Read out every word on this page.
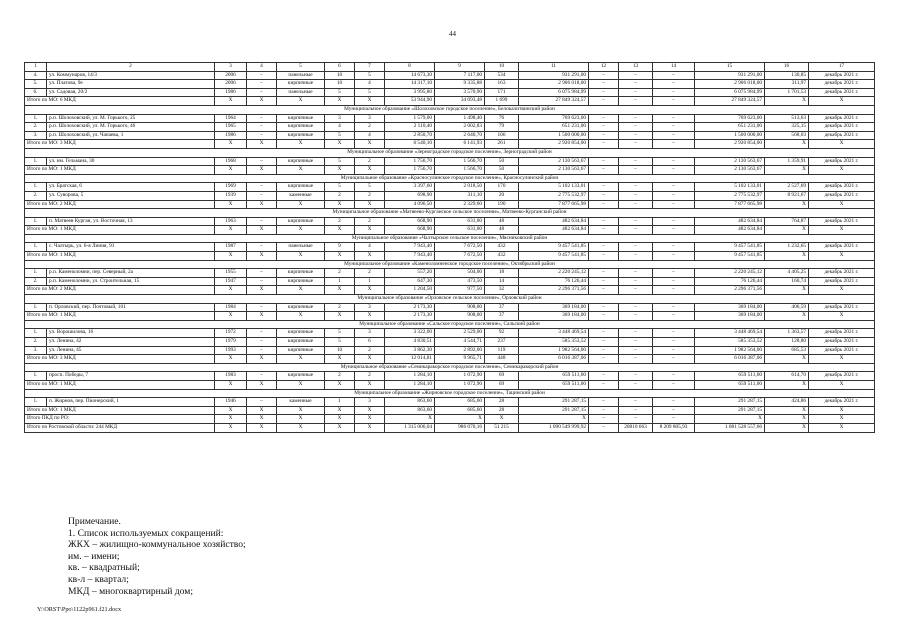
44
1	2	3	4	5	6	7	8	9	10	11	12	13	14	15	16	17
4.	ул. Коммунаров, 14/3	2006	–	панельные	10	5	14 673,30	7 117,00	534	931 291,00	–	–	–	931 291,00	130,85	декабрь 2021 г.
5.	ул. Платова, 9е	2006	–	кирпичные	10	4	14 317,10	9 335,88	163	2 906 018,00	–	–	–	2 906 018,00	311,97	декабрь 2021 г.
6.	ул. Садовая, 20/2	1986	–	панельные	5	5	3 995,80	3 570,90	171	6 075 984,99	–	–	–	6 075 984,99	1 701,53	декабрь 2021 г.
Итого по МО: 6 МКД		X	X	X	X	X	53 944,90	34 093,48	1 699	27 849 324,57	–	–	–	27 849 324,57	X	X
Муниципальное образование «Шолоховское городское поселение», Белокалитвинский район																
1.	р.п. Шолоховский, ул. М. Горького, 25	1964	–	кирпичные	3	3	1 579,00	1 498,40	76	769 623,00	–	–	–	769 623,00	513,63	декабрь 2021 г.
2.	р.п. Шолоховский, ул. М. Горького, 46	1965	–	кирпичные	4	2	2 110,40	2 002,83	79	651 231,00	–	–	–	651 231,00	325,15	декабрь 2021 г.
3.	р.п. Шолоховский, ул. Чапаева, 1	1986	–	кирпичные	5	4	2 850,70	2 640,70	106	1 500 000,00	–	–	–	1 500 000,00	568,03	декабрь 2021 г.
Итого по МО: 3 МКД		X	X	X	X	X	6 540,10	6 141,93	261	2 920 854,00	–	–	–	2 920 854,00	X	X
Муниципальное образование «Зерноградское городское поселение», Зерноградский район																
1.	ул. им. Гельмана, 30	1968	–	кирпичные	5	2	1 756,70	1 566,70	50	2 130 563,67	–	–	–	2 130 563,67	1 359,91	декабрь 2021 г.
Итого по МО: 1 МКД		X	X	X	X	X	1 756,70	1 566,70	50	2 130 563,67	–	–	–	2 130 563,67	X	X
Муниципальное образование «Красносулинское городское поселение», Красносулинский район																
1.	ул. Братская, 6	1969	–	кирпичные	5	5	3 397,60	2 018,50	170	5 102 133,01	–	–	–	5 102 133,01	2 527,69	декабрь 2021 г.
2.	ул. Суворова, 5	1939	–	каменные	2	2	698,90	311,10	20	2 775 532,97	–	–	–	2 775 532,97	8 921,67	декабрь 2021 г.
Итого по МО: 2 МКД		X	X	X	X	X	4 096,50	2 329,60	190	7 877 665,98	–	–	–	7 877 665,98	X	X
Муниципальное образование «Матвеево-Курганское сельское поселение», Матвеево-Курганский район																
1.	п. Матвеев Курган, ул. Восточная, 13	1963	–	кирпичные	2	2	668,90	631,00	48	482 634,84	–	–	–	482 634,84	764,87	декабрь 2021 г.
Итого по МО: 1 МКД		X	X	X	X	X	668,90	631,00	48	482 634,84	–	–	–	482 634,84	X	X
Муниципальное образование «Чалтырское сельское поселение», Мясниковский район																
1.	с. Чалтырь, ул. 6-я Линия, 91	1987	–	панельные	9	4	7 943,40	7 672,50	432	9 457 541,85	–	–	–	9 457 541,85	1 232,65	декабрь 2021 г.
Итого по МО: 1 МКД		X	X	X	X	X	7 943,40	7 672,50	432	9 457 541,85	–	–	–	9 457 541,85	X	X
Муниципальное образование «Каменоломненское городское поселение», Октябрьский район																
1.	р.п. Каменоломни, пер. Северный, 2а	1955	–	кирпичные	2	2	557,20	504,00	18	2 220 245,12	–	–	–	2 220 245,12	4 405,25	декабрь 2021 г.
2.	р.п. Каменоломни, ул. Строительная, 15	1947	–	кирпичные	1	1	647,30	473,50	14	76 126,44	–	–	–	76 126,44	160,74	декабрь 2021 г.
Итого по МО: 2 МКД		X	X	X	X	X	1 204,50	977,50	32	2 296 371,56	–	–	–	2 296 371,56	X	X
Муниципальное образование «Орловское сельское поселение», Орловский район																
1.	п. Орловский, пер. Почтовый, 101	1984	–	кирпичные	2	3	2 173,30	908,00	37	369 184,00	–	–	–	369 184,00	406,59	декабрь 2021 г.
Итого по МО: 1 МКД		X	X	X	X	X	2 173,30	908,00	37	369 184,00	–	–	–	369 184,00	X	X
Муниципальное образование «Сальское городское поселение», Сальский район																
1.	ул. Ворошилова, 16	1972	–	кирпичные	5	3	3 322,00	2 529,00	92	3 448 469,54	–	–	–	3 448 469,54	1 363,57	декабрь 2021 г.
2.	ул. Ленина, 42	1979	–	кирпичные	5	6	4 830,51	4 544,71	237	585 353,52	–	–	–	585 353,52	128,80	декабрь 2021 г.
3.	ул. Ленина, 45	1993	–	кирпичные	10	2	3 862,30	2 892,00	119	1 982 564,00	–	–	–	1 982 564,00	685,53	декабрь 2021 г.
Итого по МО: 3 МКД		X	X	X	X	X	12 014,81	9 965,71	448	6 016 387,06	–	–	–	6 016 387,06	X	X
Муниципальное образование «Семикаракорское городское поселение», Семикаракорский район																
1.	просп. Победы, 7	1983	–	кирпичные	2	2	1 284,10	1 072,90	69	659 511,00	–	–	–	659 511,00	614,70	декабрь 2021 г.
Итого по МО: 1 МКД		X	X	X	X	X	1 284,10	1 072,90	69	659 511,00	–	–	–	659 511,00	X	X
Муниципальное образование «Жирновское городское поселение», Тацинский район																
1.	п. Жирнов, пер. Пионерский, 1	1946	–	каменные	1	3	863,60	685,60	28	291 287,15	–	–	–	291 287,15	424,86	декабрь 2021 г.
Итого по МО: 1 МКД		X	X	X	X	X	863,60	685,60	28	291 287,15	–	–	–	291 287,15	X	X
Итого ПКД по РО:		X	X	X	X	X	X	X	X	X	–	–	–	X	X	X
Итого по Ростовской области: 244 МКД		X	X	X	X	X	1 315 006,04	986 070,16	51 215	1 090 549 999,92	–	20810 663	8 209 805,93	1 081 528 557,66	X	X
Примечание.
1. Список используемых сокращений:
ЖКХ – жилищно-коммунальное хозяйство;
им. – имени;
кв. – квадратный;
кв-л – квартал;
МКД – многоквартирный дом;
Y:\ORST\Ppo\1122p961.f21.docx
